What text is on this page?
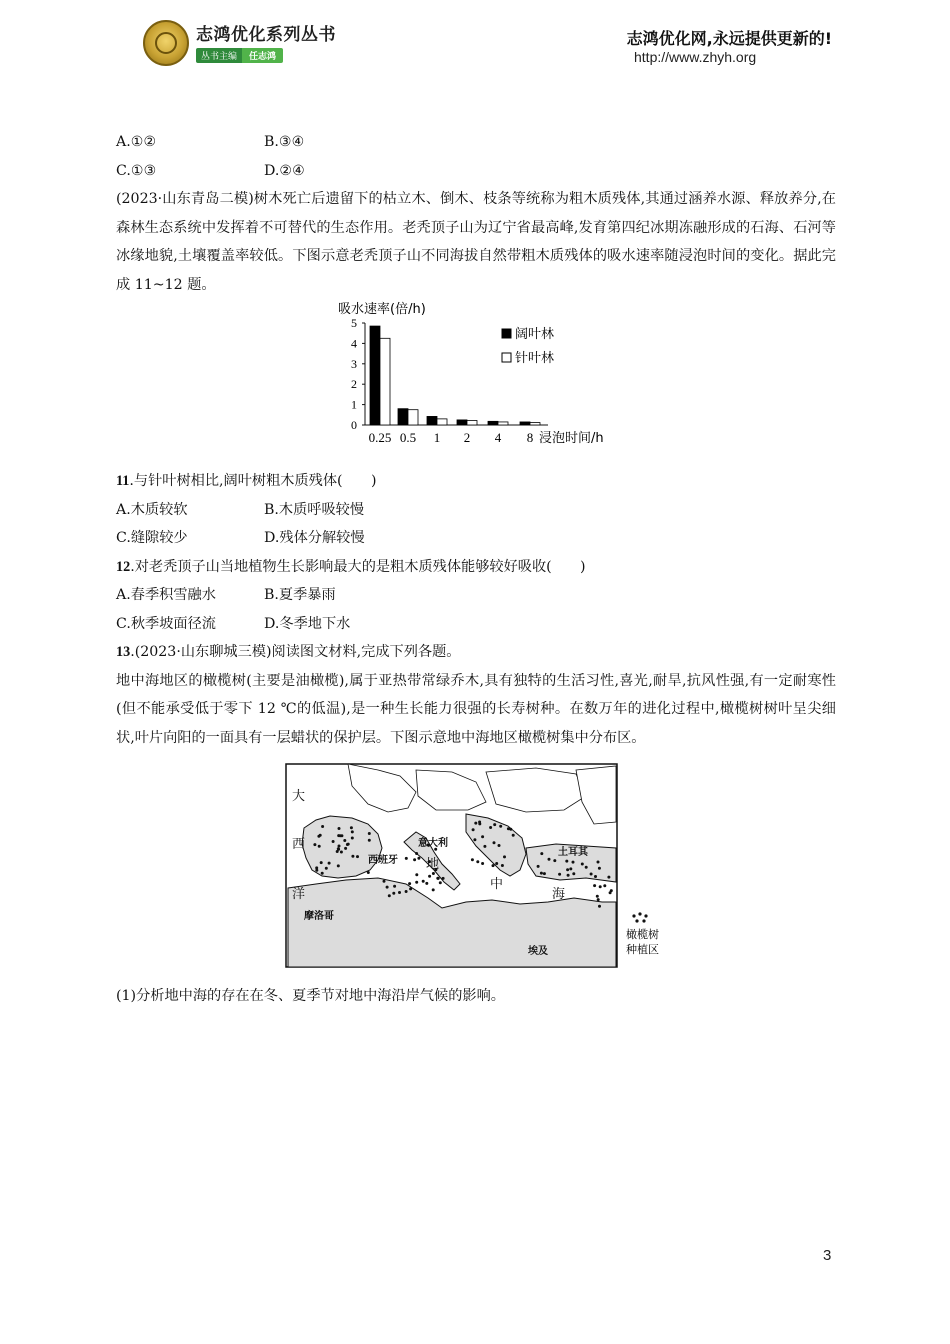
志鸿优化系列丛书
丛书主编 任志鸿
志鸿优化网,永远提供更新的!
http://www.zhyh.org
A.①②	B.③④
C.①③	D.②④
(2023·山东青岛二模)树木死亡后遗留下的枯立木、倒木、枝条等统称为粗木质残体,其通过涵养水源、释放养分,在森林生态系统中发挥着不可替代的生态作用。老秃顶子山为辽宁省最高峰,发育第四纪冰期冻融形成的石海、石河等冰缘地貌,土壤覆盖率较低。下图示意老秃顶子山不同海拔自然带粗木质残体的吸水速率随浸泡时间的变化。据此完成 11~12 题。
吸水速率(倍/h)
0
1
2
3
4
5
0.25 0.5 1 2 4 8 浸泡时间/h
阔叶林
针叶林
11.与针叶树相比,阔叶树粗木质残体(　　)
A.木质较软	B.木质呼吸较慢
C.缝隙较少	D.残体分解较慢
12.对老秃顶子山当地植物生长影响最大的是粗木质残体能够较好吸收(　　)
A.春季积雪融水	B.夏季暴雨
C.秋季坡面径流	D.冬季地下水
13.(2023·山东聊城三模)阅读图文材料,完成下列各题。
地中海地区的橄榄树(主要是油橄榄),属于亚热带常绿乔木,具有独特的生活习性,喜光,耐旱,抗风性强,有一定耐寒性(但不能承受低于零下 12 ℃的低温),是一种生长能力很强的长寿树种。在数万年的进化过程中,橄榄树树叶呈尖细状,叶片向阳的一面具有一层蜡状的保护层。下图示意地中海地区橄榄树集中分布区。
大
西
洋
西班牙
意大利
土耳其
摩洛哥
埃及
地
中
海
橄榄树
种植区
(1)分析地中海的存在在冬、夏季节对地中海沿岸气候的影响。
3
